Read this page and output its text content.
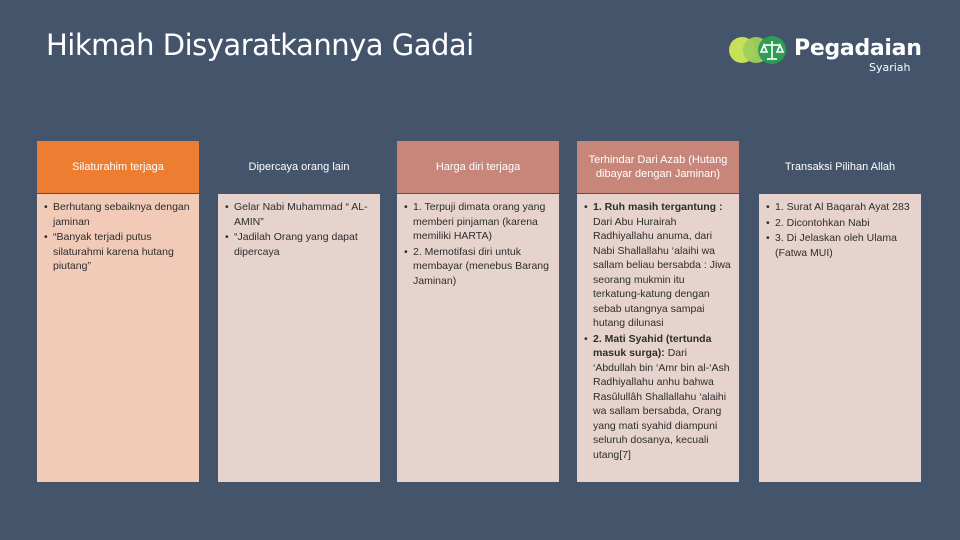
Hikmah Disyaratkannya Gadai	Pegadaian
Syariah
Silaturahim terjaga
• Berhutang sebaiknya dengan jaminan
• “Banyak terjadi putus silaturahmi karena hutang piutang”
Dipercaya orang lain
• Gelar Nabi Muhammad “ AL-AMIN”
• “Jadilah Orang yang dapat dipercaya
Harga diri terjaga
• 1. Terpuji dimata orang yang memberi pinjaman (karena memiliki HARTA)
• 2. Memotifasi diri untuk membayar (menebus Barang Jaminan)
Terhindar Dari Azab (Hutang dibayar dengan Jaminan)
• 1. Ruh masih tergantung : Dari Abu Hurairah Radhiyallahu anuma, dari Nabi Shallallahu ‘alaihi wa sallam beliau bersabda : Jiwa seorang mukmin itu terkatung-katung dengan sebab utangnya sampai hutang dilunasi
• 2. Mati Syahid (tertunda masuk surga): Dari ‘Abdullah bin ‘Amr bin al-‘Ash Radhiyallahu anhu bahwa Rasûlullâh Shallallahu ‘alaihi wa sallam bersabda, Orang yang mati syahid diampuni seluruh dosanya, kecuali utang[7]
Transaksi Pilihan Allah
• 1. Surat Al Baqarah Ayat 283
• 2. Dicontohkan Nabi
• 3. Di Jelaskan oleh Ulama (Fatwa MUI)
